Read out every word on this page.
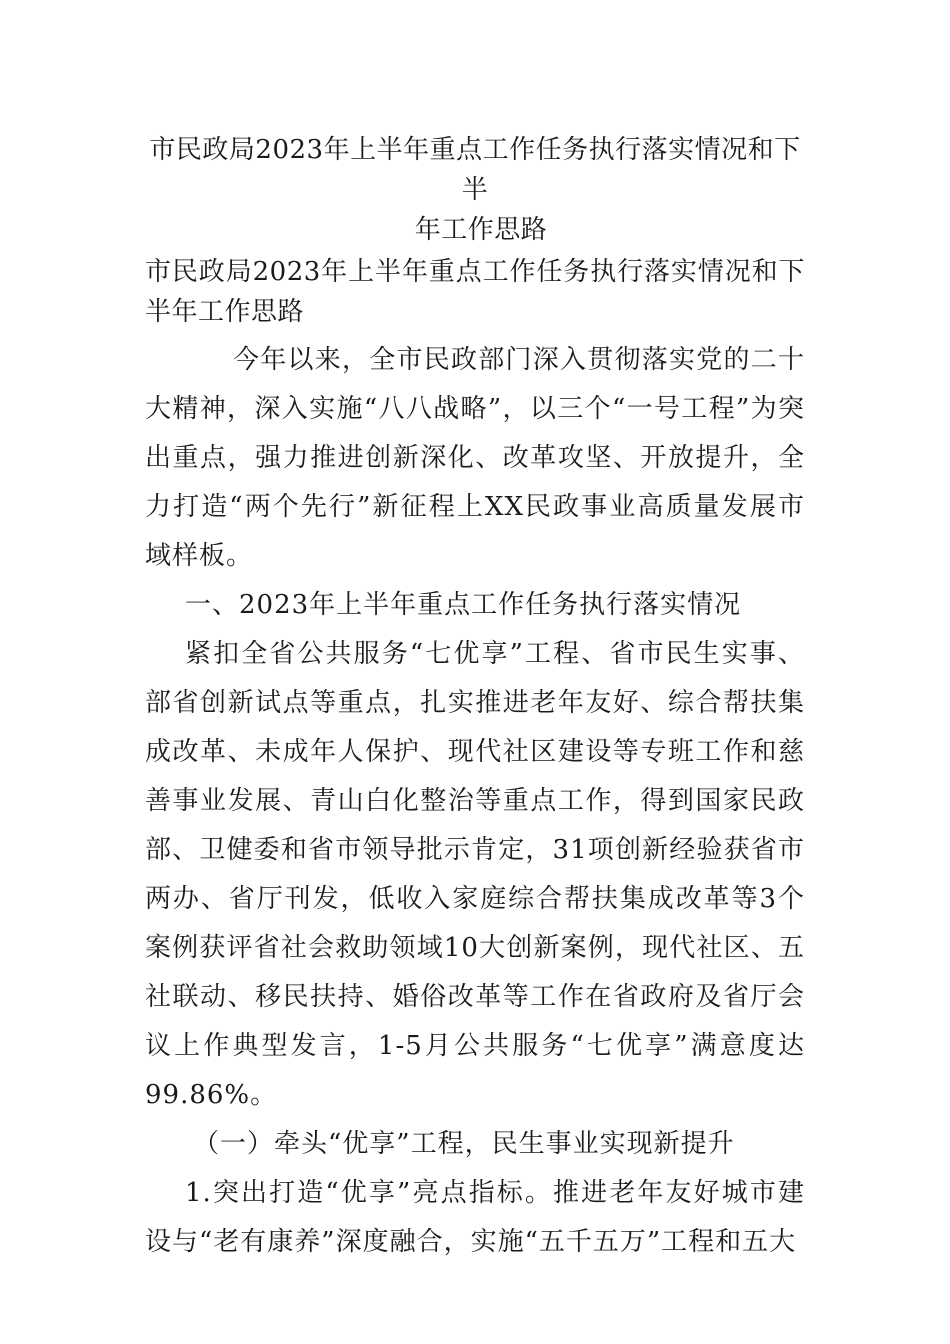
市民政局2023年上半年重点工作任务执行落实情况和下半
年工作思路

市民政局2023年上半年重点工作任务执行落实情况和下半年工作思路

今年以来，全市民政部门深入贯彻落实党的二十大精神，深入实施“八八战略”，以三个“一号工程”为突出重点，强力推进创新深化、改革攻坚、开放提升，全力打造“两个先行”新征程上XX民政事业高质量发展市域样板。

一、2023年上半年重点工作任务执行落实情况

紧扣全省公共服务“七优享”工程、省市民生实事、部省创新试点等重点，扎实推进老年友好、综合帮扶集成改革、未成年人保护、现代社区建设等专班工作和慈善事业发展、青山白化整治等重点工作，得到国家民政部、卫健委和省市领导批示肯定，31项创新经验获省市两办、省厅刊发，低收入家庭综合帮扶集成改革等3个案例获评省社会救助领域10大创新案例，现代社区、五社联动、移民扶持、婚俗改革等工作在省政府及省厅会议上作典型发言，1-5月公共服务“七优享”满意度达99.86%。

（一）牵头“优享”工程，民生事业实现新提升

1.突出打造“优享”亮点指标。推进老年友好城市建设与“老有康养”深度融合，实施“五千五万”工程和五大
